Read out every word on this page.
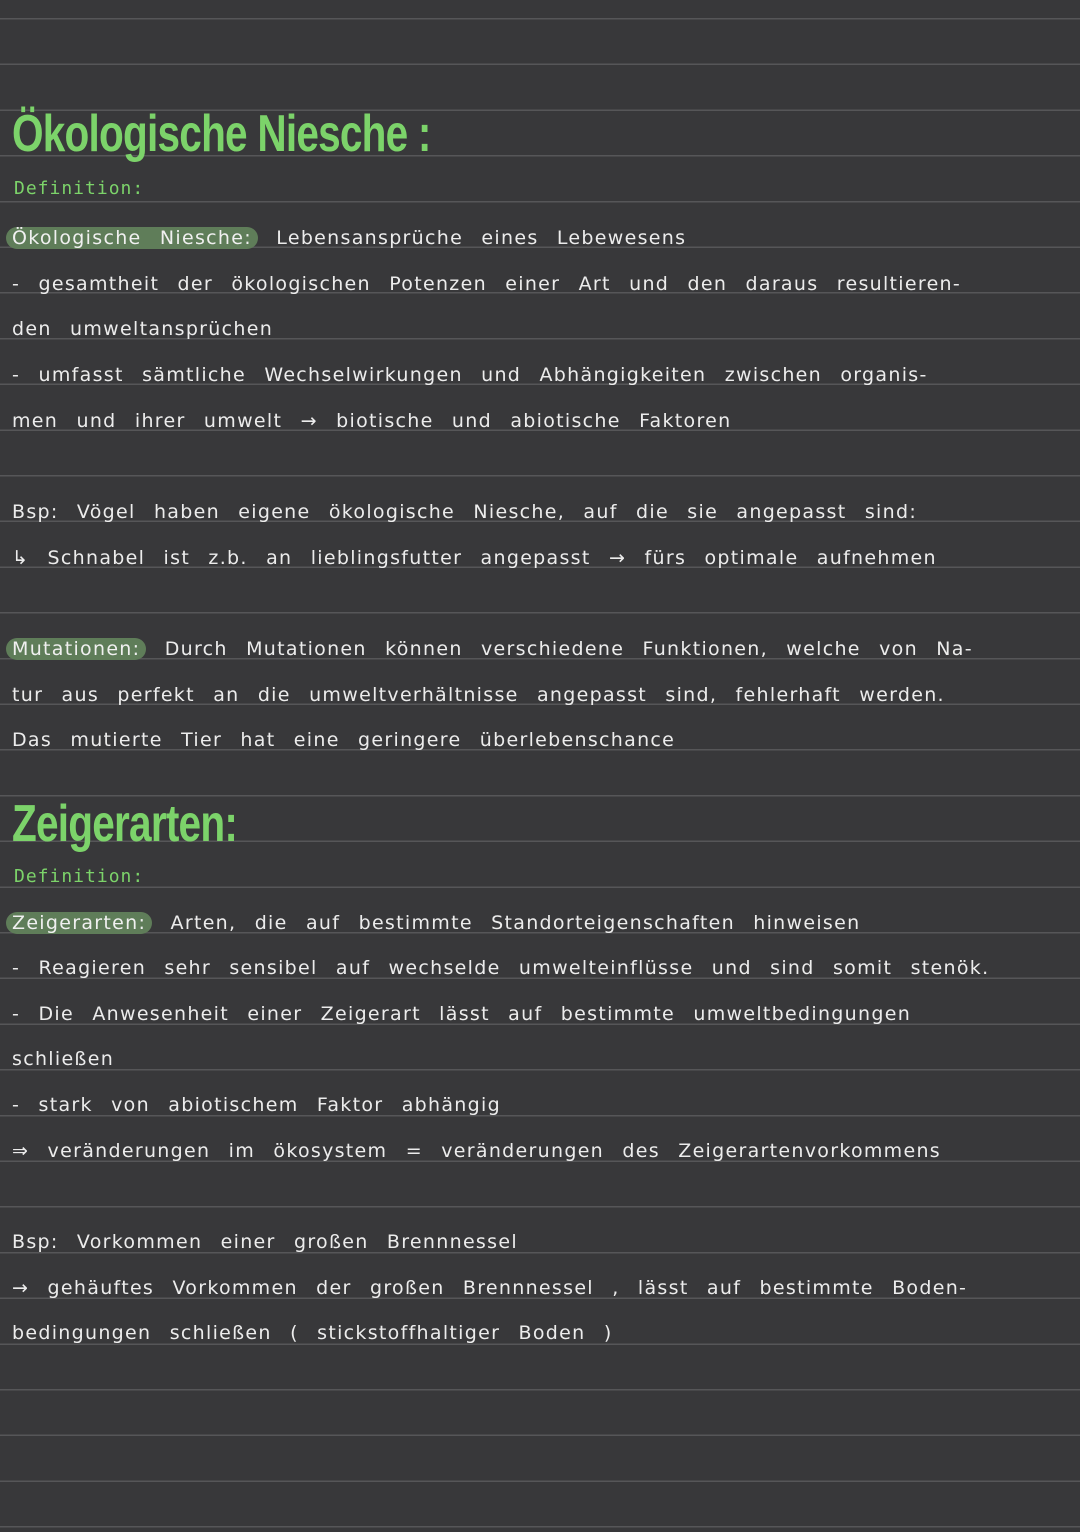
Ökologische Niesche :
Definition:
Ökologische Niesche: Lebensansprüche eines Lebewesens
- gesamtheit der ökologischen Potenzen einer Art und den daraus resultieren-
den umweltansprüchen
- umfasst sämtliche Wechselwirkungen und Abhängigkeiten zwischen organis-
men und ihrer umwelt → biotische und abiotische Faktoren
Bsp: Vögel haben eigene ökologische Niesche, auf die sie angepasst sind:
↳ Schnabel ist z.b. an lieblingsfutter angepasst → fürs optimale aufnehmen
Mutationen: Durch Mutationen können verschiedene Funktionen, welche von Na-
tur aus perfekt an die umweltverhältnisse angepasst sind, fehlerhaft werden.
Das mutierte Tier hat eine geringere überlebenschance
Zeigerarten:
Definition:
Zeigerarten: Arten, die auf bestimmte Standorteigenschaften hinweisen
- Reagieren sehr sensibel auf wechselde umwelteinflüsse und sind somit stenök.
- Die Anwesenheit einer Zeigerart lässt auf bestimmte umweltbedingungen
schließen
- stark von abiotischem Faktor abhängig
⇒ veränderungen im ökosystem = veränderungen des Zeigerartenvorkommens
Bsp: Vorkommen einer großen Brennnessel
→ gehäuftes Vorkommen der großen Brennnessel , lässt auf bestimmte Boden-
bedingungen schließen ( stickstoffhaltiger Boden )
